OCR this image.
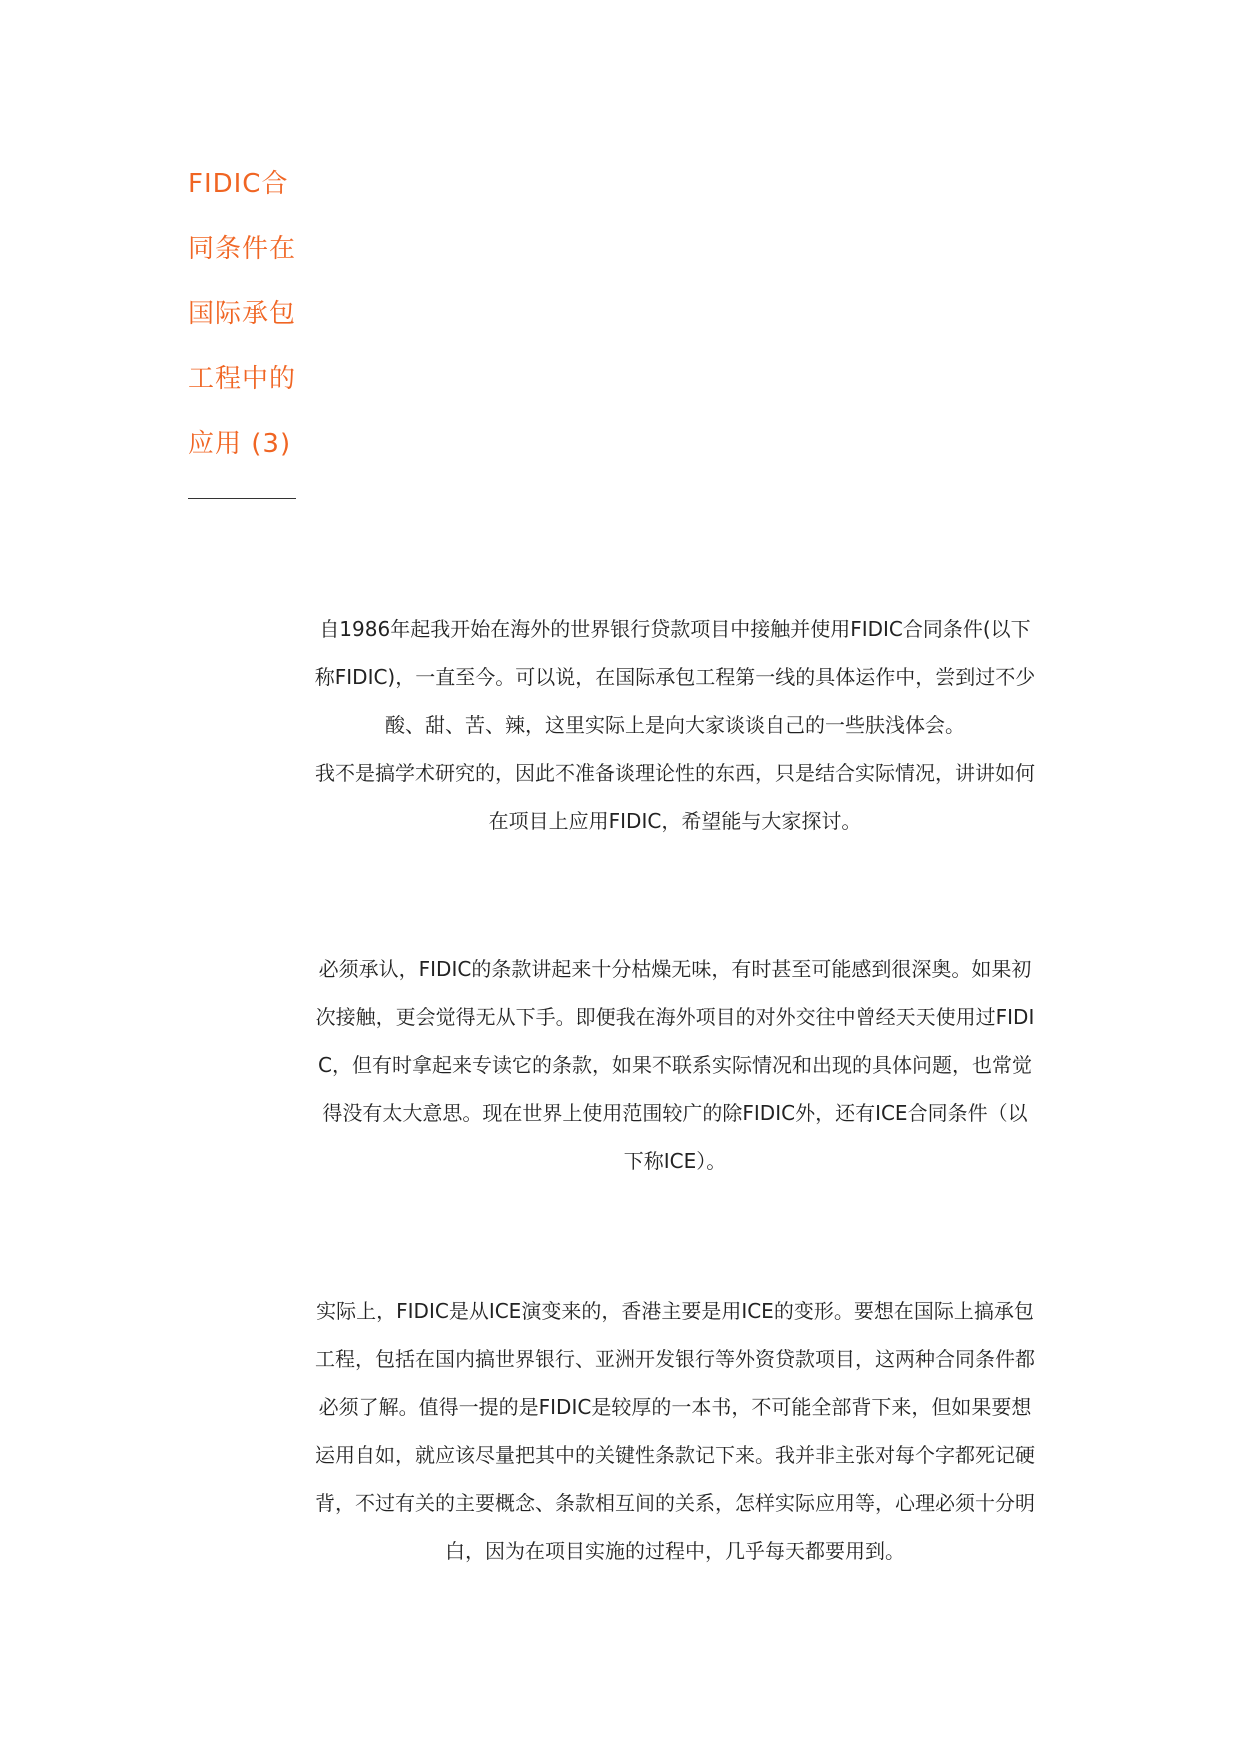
FIDIC合
同条件在
国际承包
工程中的
应用 (3)
自1986年起我开始在海外的世界银行贷款项目中接触并使用FIDIC合同条件(以下
称FIDIC)，一直至今。可以说，在国际承包工程第一线的具体运作中，尝到过不少
酸、甜、苦、辣，这里实际上是向大家谈谈自己的一些肤浅体会。
我不是搞学术研究的，因此不准备谈理论性的东西，只是结合实际情况，讲讲如何
在项目上应用FIDIC，希望能与大家探讨。
必须承认，FIDIC的条款讲起来十分枯燥无味，有时甚至可能感到很深奥。如果初
次接触，更会觉得无从下手。即便我在海外项目的对外交往中曾经天天使用过FIDI
C，但有时拿起来专读它的条款，如果不联系实际情况和出现的具体问题，也常觉
得没有太大意思。现在世界上使用范围较广的除FIDIC外，还有ICE合同条件（以
下称ICE）。
实际上，FIDIC是从ICE演变来的，香港主要是用ICE的变形。要想在国际上搞承包
工程，包括在国内搞世界银行、亚洲开发银行等外资贷款项目，这两种合同条件都
必须了解。值得一提的是FIDIC是较厚的一本书，不可能全部背下来，但如果要想
运用自如，就应该尽量把其中的关键性条款记下来。我并非主张对每个字都死记硬
背，不过有关的主要概念、条款相互间的关系，怎样实际应用等，心理必须十分明
白，因为在项目实施的过程中，几乎每天都要用到。
